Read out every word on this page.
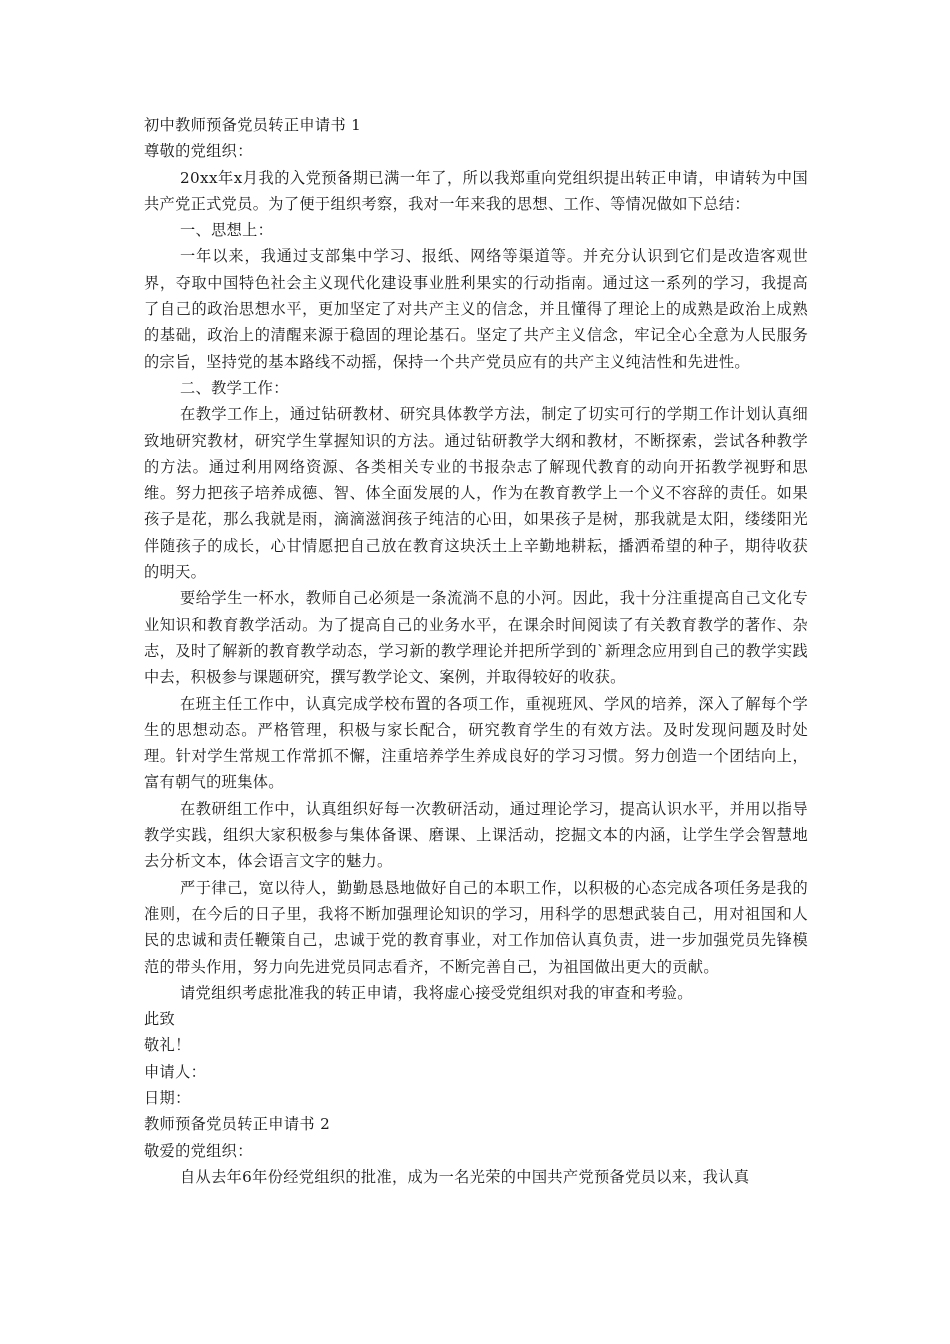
初中教师预备党员转正申请书 1
尊敬的党组织：
20xx年x月我的入党预备期已满一年了，所以我郑重向党组织提出转正申请，申请转为中国共产党正式党员。为了便于组织考察，我对一年来我的思想、工作、等情况做如下总结：
一、思想上：
一年以来，我通过支部集中学习、报纸、网络等渠道等。并充分认识到它们是改造客观世界，夺取中国特色社会主义现代化建设事业胜利果实的行动指南。通过这一系列的学习，我提高了自己的政治思想水平，更加坚定了对共产主义的信念，并且懂得了理论上的成熟是政治上成熟的基础，政治上的清醒来源于稳固的理论基石。坚定了共产主义信念，牢记全心全意为人民服务的宗旨，坚持党的基本路线不动摇，保持一个共产党员应有的共产主义纯洁性和先进性。
二、教学工作：
在教学工作上，通过钻研教材、研究具体教学方法，制定了切实可行的学期工作计划认真细致地研究教材，研究学生掌握知识的方法。通过钻研教学大纲和教材，不断探索，尝试各种教学的方法。通过利用网络资源、各类相关专业的书报杂志了解现代教育的动向开拓教学视野和思维。努力把孩子培养成德、智、体全面发展的人，作为在教育教学上一个义不容辞的责任。如果孩子是花，那么我就是雨，滴滴滋润孩子纯洁的心田，如果孩子是树，那我就是太阳，缕缕阳光伴随孩子的成长，心甘情愿把自己放在教育这块沃土上辛勤地耕耘，播洒希望的种子，期待收获的明天。
要给学生一杯水，教师自己必须是一条流淌不息的小河。因此，我十分注重提高自己文化专业知识和教育教学活动。为了提高自己的业务水平，在课余时间阅读了有关教育教学的著作、杂志，及时了解新的教育教学动态，学习新的教学理论并把所学到的`新理念应用到自己的教学实践中去，积极参与课题研究，撰写教学论文、案例，并取得较好的收获。
在班主任工作中，认真完成学校布置的各项工作，重视班风、学风的培养，深入了解每个学生的思想动态。严格管理，积极与家长配合，研究教育学生的有效方法。及时发现问题及时处理。针对学生常规工作常抓不懈，注重培养学生养成良好的学习习惯。努力创造一个团结向上，富有朝气的班集体。
在教研组工作中，认真组织好每一次教研活动，通过理论学习，提高认识水平，并用以指导教学实践，组织大家积极参与集体备课、磨课、上课活动，挖掘文本的内涵，让学生学会智慧地去分析文本，体会语言文字的魅力。
严于律己，宽以待人，勤勤恳恳地做好自己的本职工作，以积极的心态完成各项任务是我的准则，在今后的日子里，我将不断加强理论知识的学习，用科学的思想武装自己，用对祖国和人民的忠诚和责任鞭策自己，忠诚于党的教育事业，对工作加倍认真负责，进一步加强党员先锋模范的带头作用，努力向先进党员同志看齐，不断完善自己，为祖国做出更大的贡献。
请党组织考虑批准我的转正申请，我将虚心接受党组织对我的审查和考验。
此致
敬礼！
申请人：
日期：
教师预备党员转正申请书 2
敬爱的党组织：
自从去年6年份经党组织的批准，成为一名光荣的中国共产党预备党员以来，我认真
